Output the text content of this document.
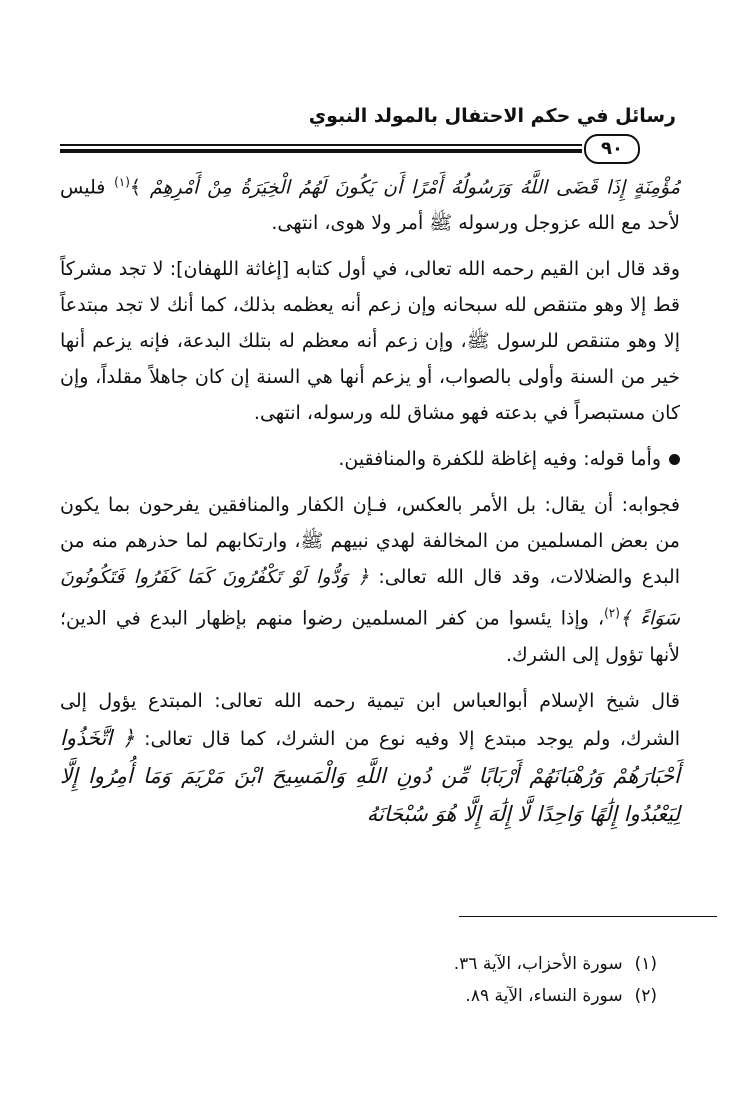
رسائل في حكم الاحتفال بالمولد النبوي
٩٠

مُؤْمِنَةٍ إِذَا قَضَى اللَّهُ وَرَسُولُهُ أَمْرًا أَن يَكُونَ لَهُمُ الْخِيَرَةُ مِنْ أَمْرِهِمْ ﴾$^{(١)}$ فليس لأحد مع الله عزوجل ورسوله ﷺ أمر ولا هوى، انتهى.

وقد قال ابن القيم رحمه الله تعالى، في أول كتابه [إغاثة اللهفان]: لا تجد مشركاً قط إلا وهو متنقص لله سبحانه وإن زعم أنه يعظمه بذلك، كما أنك لا تجد مبتدعاً إلا وهو متنقص للرسول ﷺ، وإن زعم أنه معظم له بتلك البدعة، فإنه يزعم أنها خير من السنة وأولى بالصواب، أو يزعم أنها هي السنة إن كان جاهلاً مقلداً، وإن كان مستبصراً في بدعته فهو مشاق لله ورسوله، انتهى.

وأما قوله: وفيه إغاظة للكفرة والمنافقين.

فجوابه: أن يقال: بل الأمر بالعكس، فـإن الكفار والمنافقين يفرحون بما يكون من بعض المسلمين من المخالفة لهدي نبيهم ﷺ، وارتكابهم لما حذرهم منه من البدع والضلالات، وقد قال الله تعالى: ﴿ وَدُّوا لَوْ تَكْفُرُونَ كَمَا كَفَرُوا فَتَكُونُونَ سَوَاءً ﴾$^{(٢)}$، وإذا يئسوا من كفر المسلمين رضوا منهم بإظهار البدع في الدين؛ لأنها تؤول إلى الشرك.

قال شيخ الإسلام أبوالعباس ابن تيمية رحمه الله تعالى: المبتدع يؤول إلى الشرك، ولم يوجد مبتدع إلا وفيه نوع من الشرك، كما قال تعالى: ﴿ اتَّخَذُوا أَحْبَارَهُمْ وَرُهْبَانَهُمْ أَرْبَابًا مِّن دُونِ اللَّهِ وَالْمَسِيحَ ابْنَ مَرْيَمَ وَمَا أُمِرُوا إِلَّا لِيَعْبُدُوا إِلَٰهًا وَاحِدًا لَّا إِلَٰهَ إِلَّا هُوَ سُبْحَانَهُ

(١)سورة الأحزاب، الآية ٣٦.
(٢)سورة النساء، الآية ٨٩.
